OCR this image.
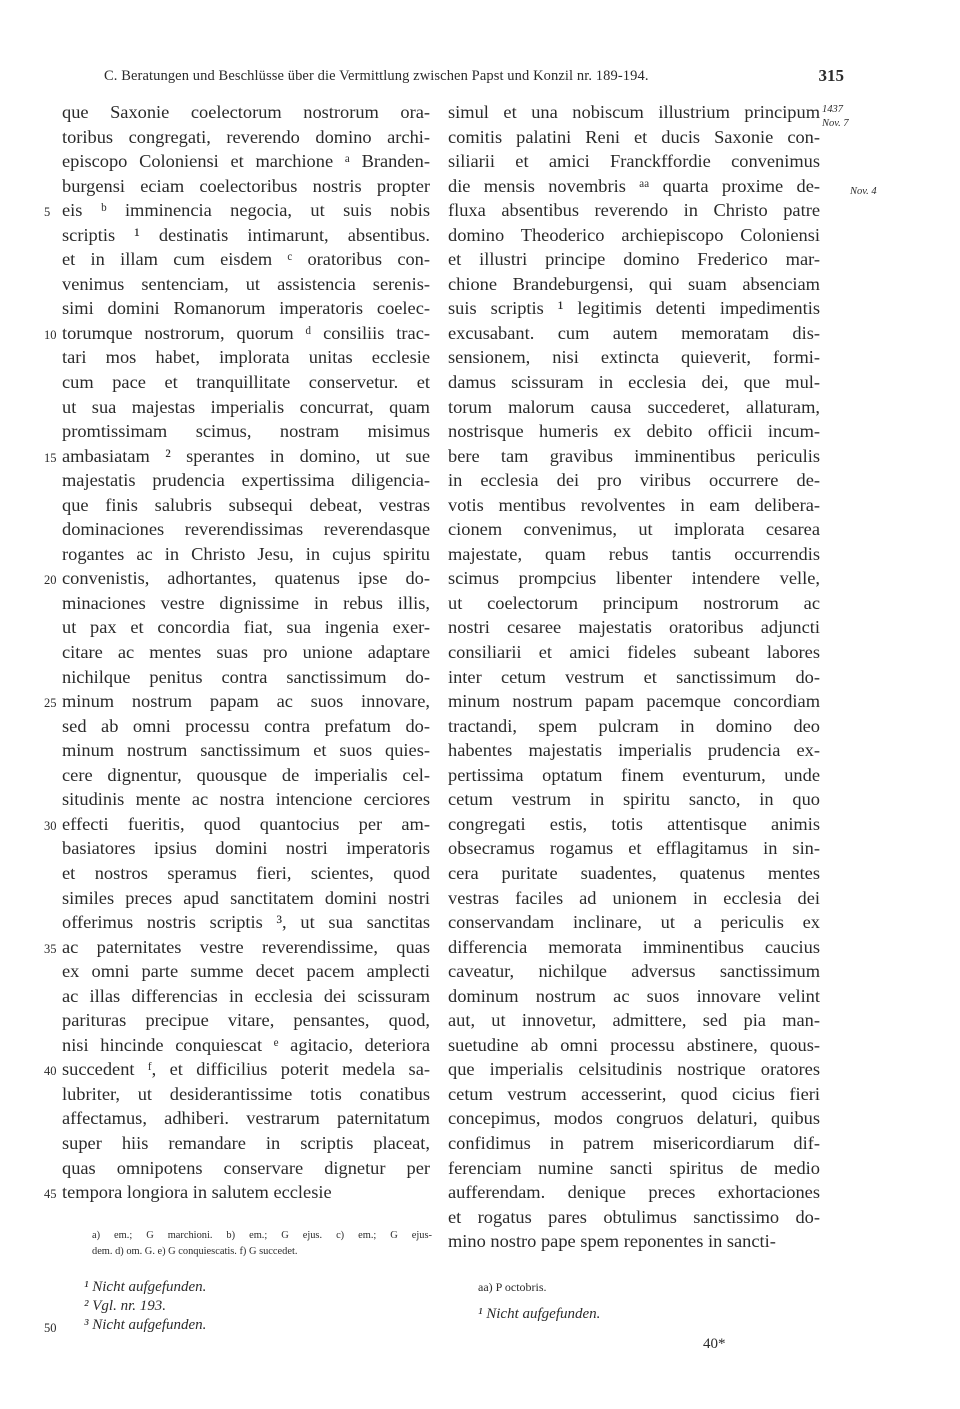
C. Beratungen und Beschlüsse über die Vermittlung zwischen Papst und Konzil nr. 189-194.	315
que Saxonie coelectorum nostrorum ora-
toribus congregati, reverendo domino archi-
episcopo Coloniensi et marchione ᵃ Branden-
burgensi eciam coelectoribus nostris propter
eis ᵇ imminencia negocia, ut suis nobis
scriptis ¹ destinatis intimarunt, absentibus.
et in illam cum eisdem ᶜ oratoribus con-
venimus sentenciam, ut assistencia serenis-
simi domini Romanorum imperatoris coelec-
torumque nostrorum, quorum ᵈ consiliis trac-
tari mos habet, implorata unitas ecclesie
cum pace et tranquillitate conservetur. et
ut sua majestas imperialis concurrat, quam
promtissimam scimus, nostram misimus
ambasiatam ² sperantes in domino, ut sue
majestatis prudencia expertissima diligencia-
que finis salubris subsequi debeat, vestras
dominaciones reverendissimas reverendasque
rogantes ac in Christo Jesu, in cujus spiritu
convenistis, adhortantes, quatenus ipse do-
minaciones vestre dignissime in rebus illis,
ut pax et concordia fiat, sua ingenia exer-
citare ac mentes suas pro unione adaptare
nichilque penitus contra sanctissimum do-
minum nostrum papam ac suos innovare,
sed ab omni processu contra prefatum do-
minum nostrum sanctissimum et suos quies-
cere dignentur, quousque de imperialis cel-
situdinis mente ac nostra intencione cerciores
effecti fueritis, quod quantocius per am-
basiatores ipsius domini nostri imperatoris
et nostros speramus fieri, scientes, quod
similes preces apud sanctitatem domini nostri
offerimus nostris scriptis ³, ut sua sanctitas
ac paternitates vestre reverendissime, quas
ex omni parte summe decet pacem amplecti
ac illas differencias in ecclesia dei scissuram
parituras precipue vitare, pensantes, quod,
nisi hincinde conquiescat ᵉ agitacio, deteriora
succedent ᶠ, et difficilius poterit medela sa-
lubriter, ut desiderantissime totis conatibus
affectamus, adhiberi. vestrarum paternitatum
super hiis remandare in scriptis placeat,
quas omnipotens conservare dignetur per
tempora longiora in salutem ecclesie
simul et una nobiscum illustrium principum
comitis palatini Reni et ducis Saxonie con-
siliarii et amici Franckffordie convenimus
die mensis novembris ᵃᵃ quarta proxime de-
fluxa absentibus reverendo in Christo patre
domino Theoderico archiepiscopo Coloniensi
et illustri principe domino Frederico mar-
chione Brandeburgensi, qui suam absenciam
suis scriptis ¹ legitimis detenti impedimentis
excusabant. cum autem memoratam dis-
sensionem, nisi extincta quieverit, formi-
damus scissuram in ecclesia dei, que mul-
torum malorum causa succederet, allaturam,
nostrisque humeris ex debito officii incum-
bere tam gravibus imminentibus periculis
in ecclesia dei pro viribus occurrere de-
votis mentibus revolventes in eam delibera-
cionem convenimus, ut implorata cesarea
majestate, quam rebus tantis occurrendis
scimus prompcius libenter intendere velle,
ut coelectorum principum nostrorum ac
nostri cesaree majestatis oratoribus adjuncti
consiliarii et amici fideles subeant labores
inter cetum vestrum et sanctissimum do-
minum nostrum papam pacemque concordiam
tractandi, spem pulcram in domino deo
habentes majestatis imperialis prudencia ex-
pertissima optatum finem eventurum, unde
cetum vestrum in spiritu sancto, in quo
congregati estis, totis attentisque animis
obsecramus rogamus et efflagitamus in sin-
cera puritate suadentes, quatenus mentes
vestras faciles ad unionem in ecclesia dei
conservandam inclinare, ut a periculis ex
differencia memorata imminentibus caucius
caveatur, nichilque adversus sanctissimum
dominum nostrum ac suos innovare velint
aut, ut innovetur, admittere, sed pia man-
suetudine ab omni processu abstinere, quous-
que imperialis celsitudinis nostrique oratores
cetum vestrum accesserint, quod cicius fieri
concepimus, modos congruos delaturi, quibus
confidimus in patrem misericordiarum dif-
ferenciam numine sancti spiritus de medio
aufferendam. denique preces exhortaciones
et rogatus pares obtulimus sanctissimo do-
mino nostro pape spem reponentes in sancti-
5
10
15
20
25
30
35
40
45
50
1437
Nov. 7
Nov. 4
a) em.; G marchioni. b) em.; G ejus. c) em.; G ejus-
dem. d) om. G. e) G conquiescatis. f) G succedet.
¹ Nicht aufgefunden.
² Vgl. nr. 193.
³ Nicht aufgefunden.
aa) P octobris.
¹ Nicht aufgefunden.
40*
